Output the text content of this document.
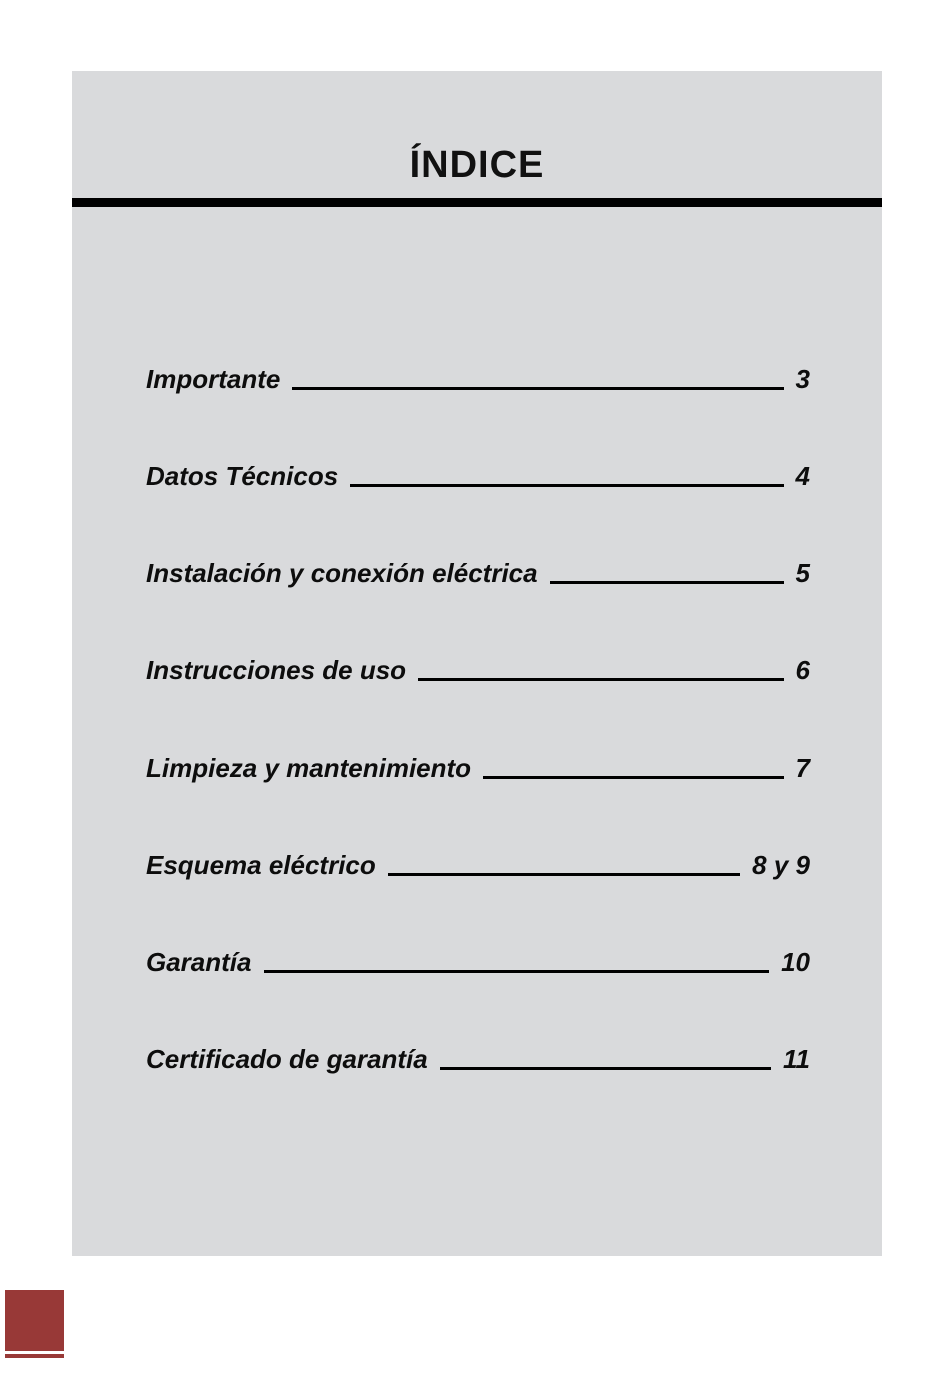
ÍNDICE
Importante	3
Datos Técnicos	4
Instalación y conexión eléctrica	5
Instrucciones de uso	6
Limpieza y mantenimiento	7
Esquema eléctrico	8 y 9
Garantía	10
Certificado de garantía	11
